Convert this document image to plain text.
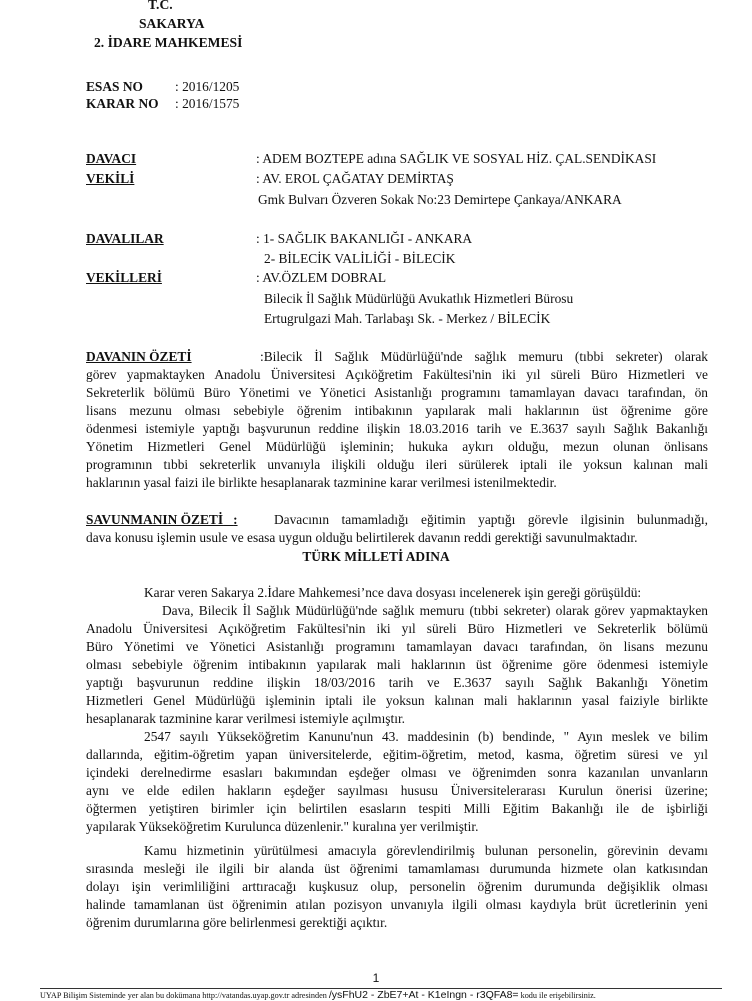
T.C.
SAKARYA
2. İDARE MAHKEMESİ
ESAS NO : 2016/1205
KARAR NO : 2016/1575
DAVACI	: ADEM BOZTEPE adına SAĞLIK VE SOSYAL HİZ. ÇAL.SENDİKASI
VEKİLİ	: AV. EROL ÇAĞATAY DEMİRTAŞ
Gmk Bulvarı Özveren Sokak No:23 Demirtepe Çankaya/ANKARA
DAVALILAR	: 1- SAĞLIK BAKANLIĞI - ANKARA
2- BİLECİK VALİLİĞİ - BİLECİK
VEKİLLERİ	: AV.ÖZLEM DOBRAL
Bilecik İl Sağlık Müdürlüğü Avukatlık Hizmetleri Bürosu
Ertugrulgazi Mah. Tarlabaşı Sk. - Merkez / BİLECİK
DAVANIN ÖZETİ	:Bilecik İl Sağlık Müdürlüğü'nde sağlık memuru (tıbbi sekreter) olarak
görev yapmaktayken Anadolu Üniversitesi Açıköğretim Fakültesi'nin iki yıl süreli Büro Hizmetleri ve
Sekreterlik bölümü Büro Yönetimi ve Yönetici Asistanlığı programını tamamlayan davacı tarafından, ön
lisans mezunu olması sebebiyle öğrenim intibakının yapılarak mali haklarının üst öğrenime göre
ödenmesi istemiyle yaptığı başvurunun reddine ilişkin 18.03.2016 tarih ve E.3637 sayılı Sağlık Bakanlığı
Yönetim Hizmetleri Genel Müdürlüğü işleminin; hukuka aykırı olduğu, mezun olunan önlisans
programının tıbbi sekreterlik unvanıyla ilişkili olduğu ileri sürülerek iptali ile yoksun kalınan mali
haklarının yasal faizi ile birlikte hesaplanarak tazminine karar verilmesi istenilmektedir.
SAVUNMANIN ÖZETİ :	Davacının tamamladığı eğitimin yaptığı görevle ilgisinin bulunmadığı,
dava konusu işlemin usule ve esasa uygun olduğu belirtilerek davanın reddi gerektiği savunulmaktadır.
TÜRK MİLLETİ ADINA
Karar veren Sakarya 2.İdare Mahkemesi’nce dava dosyası incelenerek işin gereği görüşüldü:
Dava, Bilecik İl Sağlık Müdürlüğü'nde sağlık memuru (tıbbi sekreter) olarak görev yapmaktayken
Anadolu Üniversitesi Açıköğretim Fakültesi'nin iki yıl süreli Büro Hizmetleri ve Sekreterlik bölümü
Büro Yönetimi ve Yönetici Asistanlığı programını tamamlayan davacı tarafından, ön lisans mezunu
olması sebebiyle öğrenim intibakının yapılarak mali haklarının üst öğrenime göre ödenmesi istemiyle
yaptığı başvurunun reddine ilişkin 18/03/2016 tarih ve E.3637 sayılı Sağlık Bakanlığı Yönetim
Hizmetleri Genel Müdürlüğü işleminin iptali ile yoksun kalınan mali haklarının yasal faiziyle birlikte
hesaplanarak tazminine karar verilmesi istemiyle açılmıştır.
2547 sayılı Yükseköğretim Kanunu'nun 43. maddesinin (b) bendinde, " Ayın meslek ve bilim
dallarında, eğitim-öğretim yapan üniversitelerde, eğitim-öğretim, metod, kasma, öğretim süresi ve yıl
içindeki derelnedirme esasları bakımından eşdeğer olması ve öğrenimden sonra kazanılan unvanların
aynı ve elde edilen hakların eşdeğer sayılması hususu Üniversitelerarası Kurulun önerisi üzerine;
öğtermen yetiştiren birimler için belirtilen esasların tespiti Milli Eğitim Bakanlığı ile de işbirliği
yapılarak Yükseköğretim Kurulunca düzenlenir." kuralına yer verilmiştir.
Kamu hizmetinin yürütülmesi amacıyla görevlendirilmiş bulunan personelin, görevinin devamı
sırasında mesleği ile ilgili bir alanda üst öğrenimi tamamlaması durumunda hizmete olan katkısından
dolayı işin verimliliğini arttıracağı kuşkusuz olup, personelin öğrenim durumunda değişiklik olması
halinde tamamlanan üst öğrenimin atılan pozisyon unvanıyla ilgili olması kaydıyla brüt ücretlerinin yeni
öğrenim durumlarına göre belirlenmesi gerektiği açıktır.
1
UYAP Bilişim Sisteminde yer alan bu dokümana http://vatandas.uyap.gov.tr adresinden /ysFhU2 - ZbE7+At - K1eIngn - r3QFA8= kodu ile erişebilirsiniz.
